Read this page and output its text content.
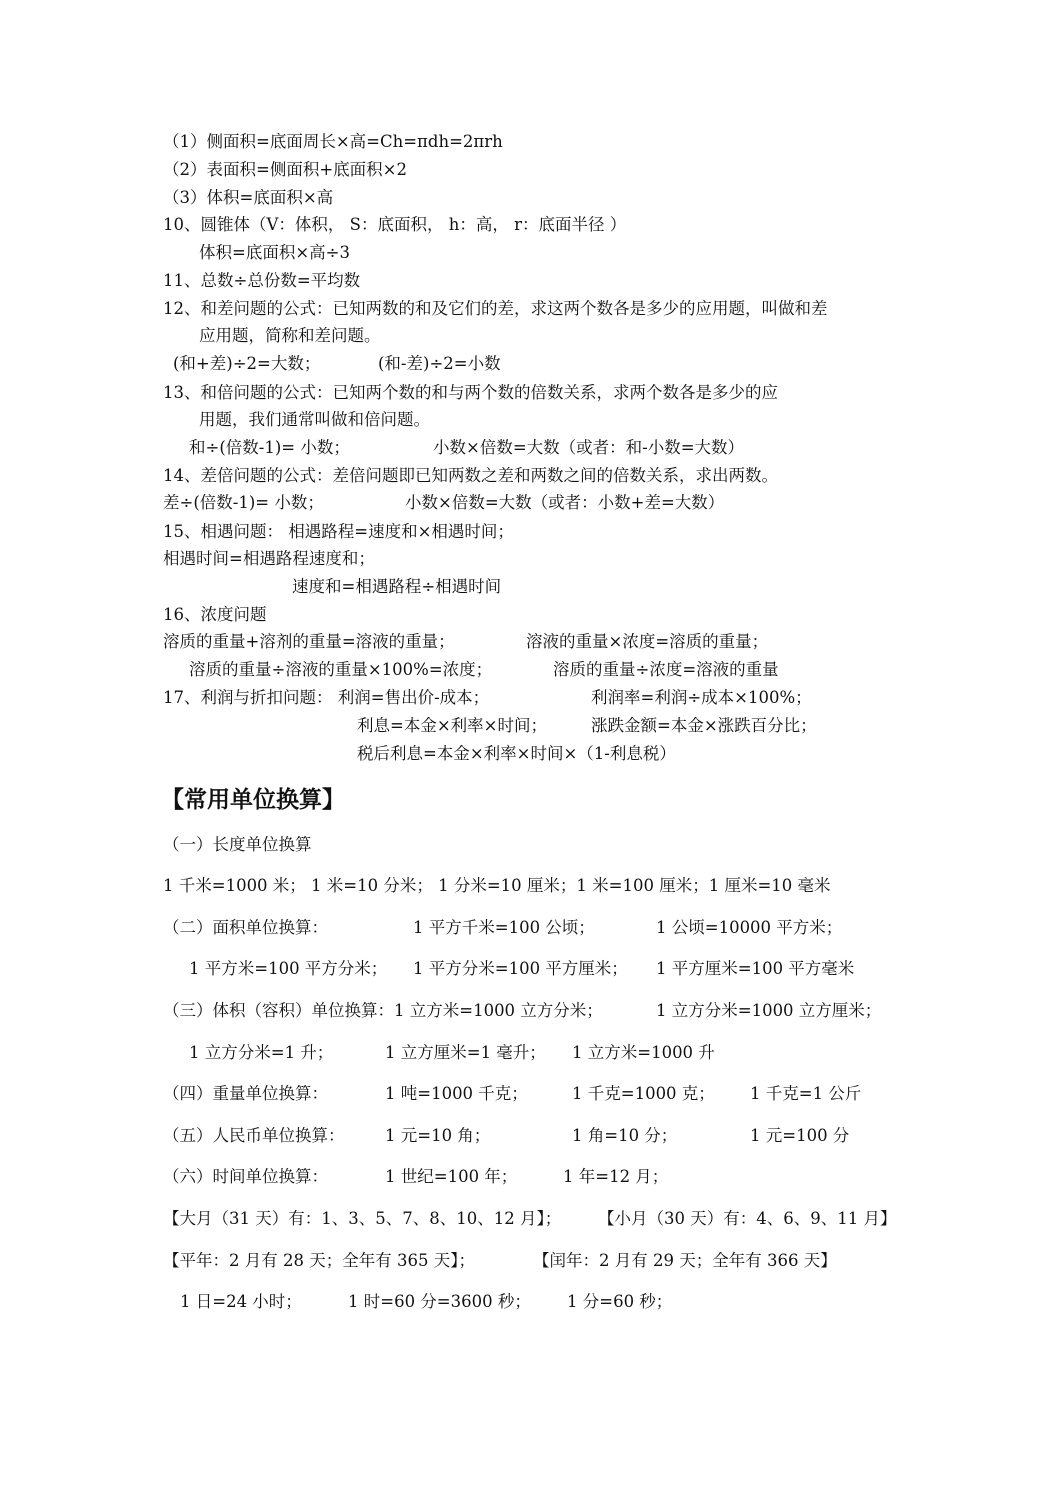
（1）侧面积=底面周长×高=Ch=πdh=2πrh

（2）表面积=侧面积+底面积×2

（3）体积=底面积×高

10、圆锥体（V：体积， S：底面积， h：高， r：底面半径 ）

体积=底面积×高÷3

11、总数÷总份数=平均数

12、和差问题的公式：已知两数的和及它们的差，求这两个数各是多少的应用题，叫做和差

应用题，简称和差问题。

(和+差)÷2=大数；	(和-差)÷2=小数

13、和倍问题的公式：已知两个数的和与两个数的倍数关系，求两个数各是多少的应

用题，我们通常叫做和倍问题。

和÷(倍数-1)= 小数；	小数×倍数=大数（或者：和-小数=大数）

14、差倍问题的公式：差倍问题即已知两数之差和两数之间的倍数关系，求出两数。

差÷(倍数-1)= 小数；	小数×倍数=大数（或者：小数+差=大数）

15、相遇问题： 相遇路程=速度和×相遇时间；

相遇时间=相遇路程速度和；

速度和=相遇路程÷相遇时间

16、浓度问题

溶质的重量+溶剂的重量=溶液的重量；	溶液的重量×浓度=溶质的重量；

溶质的重量÷溶液的重量×100%=浓度；	溶质的重量÷浓度=溶液的重量

17、利润与折扣问题： 利润=售出价-成本；	利润率=利润÷成本×100%；

利息=本金×利率×时间；	涨跌金额=本金×涨跌百分比；

税后利息=本金×利率×时间×（1-利息税）

【常用单位换算】

（一）长度单位换算

1 千米=1000 米； 1 米=10 分米； 1 分米=10 厘米；1 米=100 厘米；1 厘米=10 毫米

（二）面积单位换算：	1 平方千米=100 公顷；	1 公顷=10000 平方米；

1 平方米=100 平方分米； 1 平方分米=100 平方厘米； 1 平方厘米=100 平方毫米

（三）体积（容积）单位换算：1 立方米=1000 立方分米；	1 立方分米=1000 立方厘米；

1 立方分米=1 升；	1 立方厘米=1 毫升； 1 立方米=1000 升

（四）重量单位换算：	1 吨=1000 千克；	1 千克=1000 克； 1 千克=1 公斤

（五）人民币单位换算： 1 元=10 角；	1 角=10 分；	1 元=100 分

（六）时间单位换算：	1 世纪=100 年；	1 年=12 月；

【大月（31 天）有：1、3、5、7、8、10、12 月】； 【小月（30 天）有：4、6、9、11 月】

【平年：2 月有 28 天；全年有 365 天】；	【闰年：2 月有 29 天；全年有 366 天】

1 日=24 小时；	1 时=60 分=3600 秒； 1 分=60 秒；
